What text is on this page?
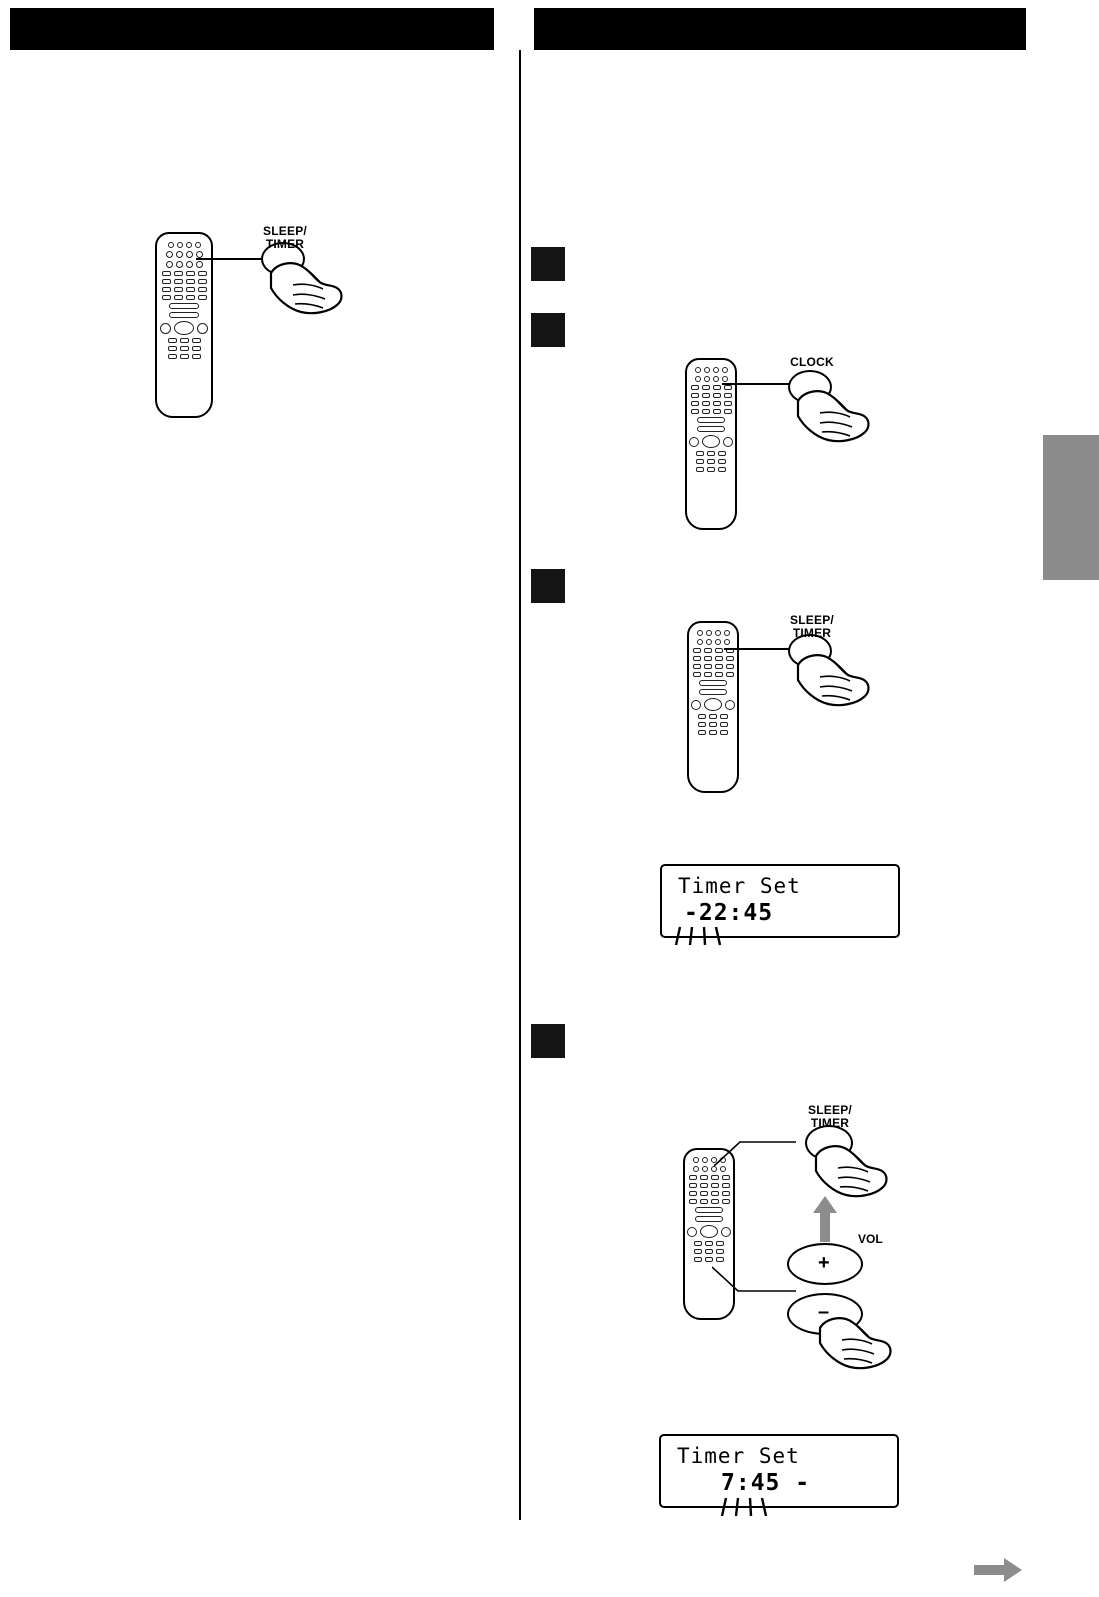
SLEEP/
TIMER
CLOCK
SLEEP/
TIMER
Timer Set
-22:45
SLEEP/
TIMER
VOL
+
–
Timer Set
7:45 -
